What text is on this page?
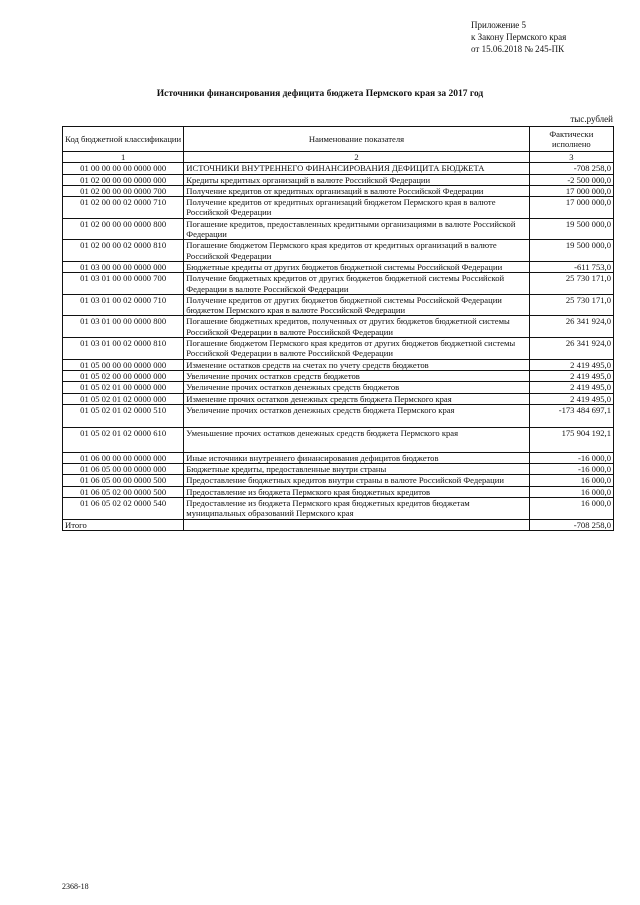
Приложение 5
к Закону Пермского края
от 15.06.2018 № 245-ПК
Источники финансирования дефицита бюджета Пермского края за 2017 год
тыс.рублей
Код бюджетной классификации	Наименование показателя	Фактически исполнено
1	2	3
01 00 00 00 00 0000 000	ИСТОЧНИКИ ВНУТРЕННЕГО ФИНАНСИРОВАНИЯ ДЕФИЦИТА БЮДЖЕТА	-708 258,0
01 02 00 00 00 0000 000	Кредиты кредитных организаций в валюте Российской Федерации	-2 500 000,0
01 02 00 00 00 0000 700	Получение кредитов от кредитных организаций в валюте Российской Федерации	17 000 000,0
01 02 00 00 02 0000 710	Получение кредитов от кредитных организаций бюджетом Пермского края в валюте Российской Федерации	17 000 000,0
01 02 00 00 00 0000 800	Погашение кредитов, предоставленных кредитными организациями в валюте Российской Федерации	19 500 000,0
01 02 00 00 02 0000 810	Погашение бюджетом Пермского края кредитов от кредитных организаций в валюте Российской Федерации	19 500 000,0
01 03 00 00 00 0000 000	Бюджетные кредиты от других бюджетов бюджетной системы Российской Федерации	-611 753,0
01 03 01 00 00 0000 700	Получение бюджетных кредитов от других бюджетов бюджетной системы Российской Федерации в валюте Российской Федерации	25 730 171,0
01 03 01 00 02 0000 710	Получение кредитов от других бюджетов бюджетной системы Российской Федерации бюджетом Пермского края в валюте Российской Федерации	25 730 171,0
01 03 01 00 00 0000 800	Погашение бюджетных кредитов, полученных от других бюджетов бюджетной системы Российской Федерации в валюте Российской Федерации	26 341 924,0
01 03 01 00 02 0000 810	Погашение бюджетом Пермского края кредитов от других бюджетов бюджетной системы Российской Федерации в валюте Российской Федерации	26 341 924,0
01 05 00 00 00 0000 000	Изменение остатков средств на счетах по учету средств бюджетов	2 419 495,0
01 05 02 00 00 0000 000	Увеличение прочих остатков средств бюджетов	2 419 495,0
01 05 02 01 00 0000 000	Увеличение прочих остатков денежных средств бюджетов	2 419 495,0
01 05 02 01 02 0000 000	Изменение прочих остатков денежных средств бюджета Пермского края	2 419 495,0
01 05 02 01 02 0000 510	Увеличение прочих остатков денежных средств бюджета Пермского края	-173 484 697,1
01 05 02 01 02 0000 610	Уменьшение прочих остатков денежных средств бюджета Пермского края	175 904 192,1
01 06 00 00 00 0000 000	Иные источники внутреннего финансирования дефицитов бюджетов	-16 000,0
01 06 05 00 00 0000 000	Бюджетные кредиты, предоставленные внутри страны	-16 000,0
01 06 05 00 00 0000 500	Предоставление бюджетных кредитов внутри страны в валюте Российской Федерации	16 000,0
01 06 05 02 00 0000 500	Предоставление из бюджета Пермского края бюджетных кредитов	16 000,0
01 06 05 02 02 0000 540	Предоставление из бюджета Пермского края бюджетных кредитов бюджетам муниципальных образований Пермского края	16 000,0
Итого		-708 258,0
2368-18
